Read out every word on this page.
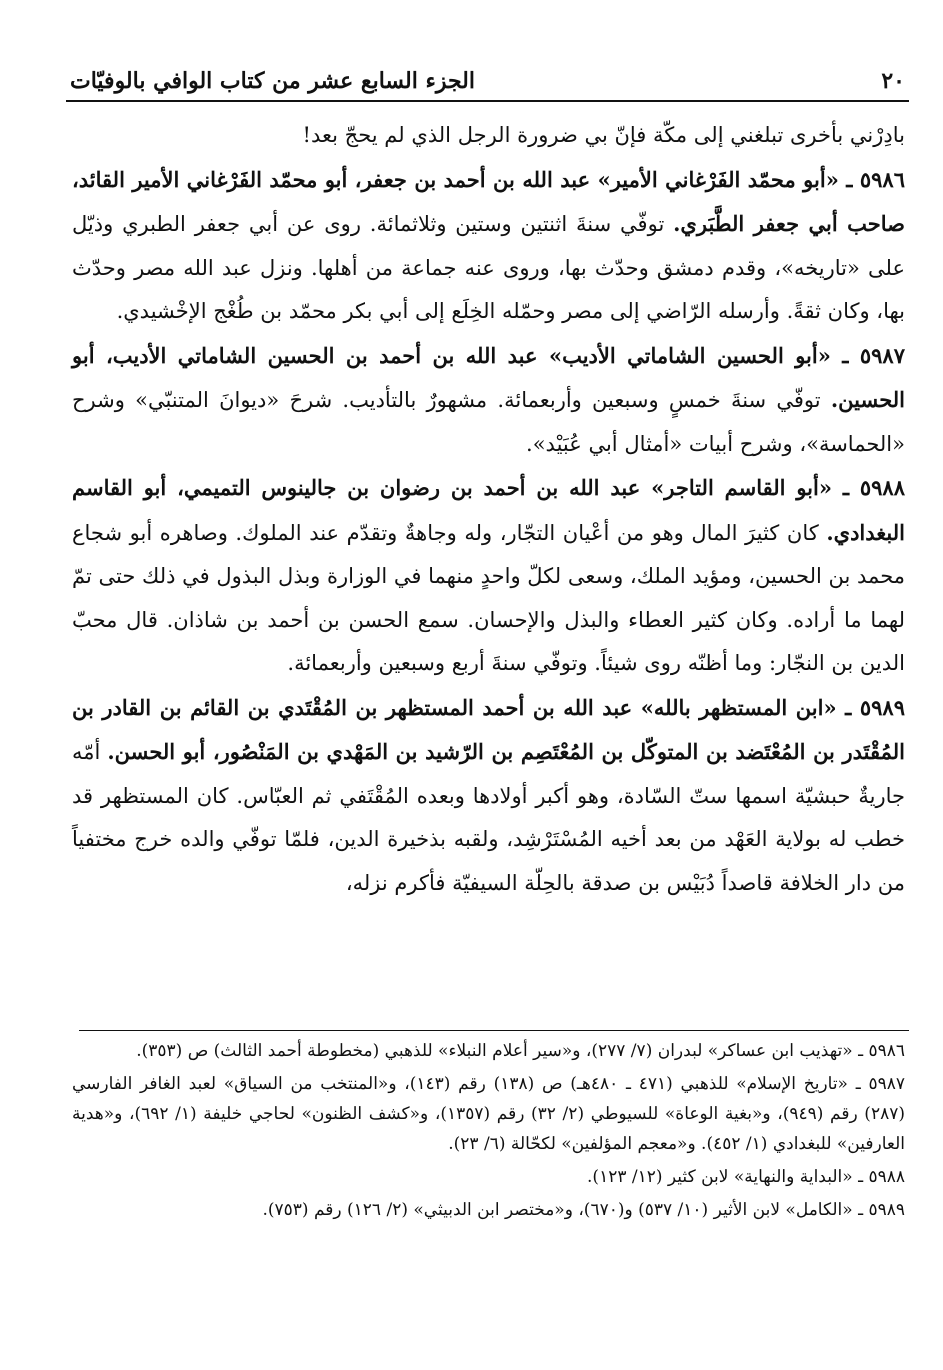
٢٠
الجزء السابع عشر من كتاب الوافي بالوفيّات

بادِرْني بأخرى تبلغني إلى مكّة فإنّ بي ضرورة الرجل الذي لم يحجّ بعد!

٥٩٨٦ ـ «أبو محمّد الفَرْغاني الأمير» عبد الله بن أحمد بن جعفر، أبو محمّد الفَرْغاني الأمير القائد، صاحب أبي جعفر الطَّبَري. توفّي سنةَ اثنتين وستين وثلاثمائة. روى عن أبي جعفر الطبري وذيّل على «تاريخه»، وقدم دمشق وحدّث بها، وروى عنه جماعة من أهلها. ونزل عبد الله مصر وحدّث بها، وكان ثقةً. وأرسله الرّاضي إلى مصر وحمّله الخِلَع إلى أبي بكر محمّد بن طُغْج الإخْشيدي.

٥٩٨٧ ـ «أبو الحسين الشاماتي الأديب» عبد الله بن أحمد بن الحسين الشاماتي الأديب، أبو الحسين. توفّي سنةَ خمسٍ وسبعين وأربعمائة. مشهورٌ بالتأديب. شرحَ «ديوانَ المتنبّي» وشرح «الحماسة»، وشرح أبيات «أمثال أبي عُبَيْد».

٥٩٨٨ ـ «أبو القاسم التاجر» عبد الله بن أحمد بن رضوان بن جالينوس التميمي، أبو القاسم البغدادي. كان كثيرَ المال وهو من أعْيان التجّار، وله وجاهةٌ وتقدّم عند الملوك. وصاهره أبو شجاع محمد بن الحسين، ومؤيد الملك، وسعى لكلّ واحدٍ منهما في الوزارة وبذل البذول في ذلك حتى تمّ لهما ما أراده. وكان كثير العطاء والبذل والإحسان. سمع الحسن بن أحمد بن شاذان. قال محبّ الدين بن النجّار: وما أظنّه روى شيئاً. وتوفّي سنةَ أربع وسبعين وأربعمائة.

٥٩٨٩ ـ «ابن المستظهر بالله» عبد الله بن أحمد المستظهر بن المُقْتَدي بن القائم بن القادر بن المُقْتَدر بن المُعْتَضد بن المتوكّل بن المُعْتَصِم بن الرّشيد بن المَهْدي بن المَنْصُور، أبو الحسن. أمّه جاريةٌ حبشيّة اسمها ستّ السّادة، وهو أكبر أولادها وبعده المُقْتَفي ثم العبّاس. كان المستظهر قد خطب له بولاية العَهْد من بعد أخيه المُسْتَرْشِد، ولقبه بذخيرة الدين، فلمّا توفّي والده خرج مختفياً من دار الخلافة قاصداً دُبَيْس بن صدقة بالحِلّة السيفيّة فأكرم نزله،

٥٩٨٦ ـ «تهذيب ابن عساكر» لبدران (٧/ ٢٧٧)، و«سير أعلام النبلاء» للذهبي (مخطوطة أحمد الثالث) ص (٣٥٣).

٥٩٨٧ ـ «تاريخ الإسلام» للذهبي (٤٧١ ـ ٤٨٠هـ) ص (١٣٨) رقم (١٤٣)، و«المنتخب من السياق» لعبد الغافر الفارسي (٢٨٧) رقم (٩٤٩)، و«بغية الوعاة» للسيوطي (٢/ ٣٢) رقم (١٣٥٧)، و«كشف الظنون» لحاجي خليفة (١/ ٦٩٢)، و«هدية العارفين» للبغدادي (١/ ٤٥٢). و«معجم المؤلفين» لكحّالة (٦/ ٢٣).

٥٩٨٨ ـ «البداية والنهاية» لابن كثير (١٢/ ١٢٣).

٥٩٨٩ ـ «الكامل» لابن الأثير (١٠/ ٥٣٧) و(٦٧٠)، و«مختصر ابن الدبيثي» (٢/ ١٢٦) رقم (٧٥٣).
